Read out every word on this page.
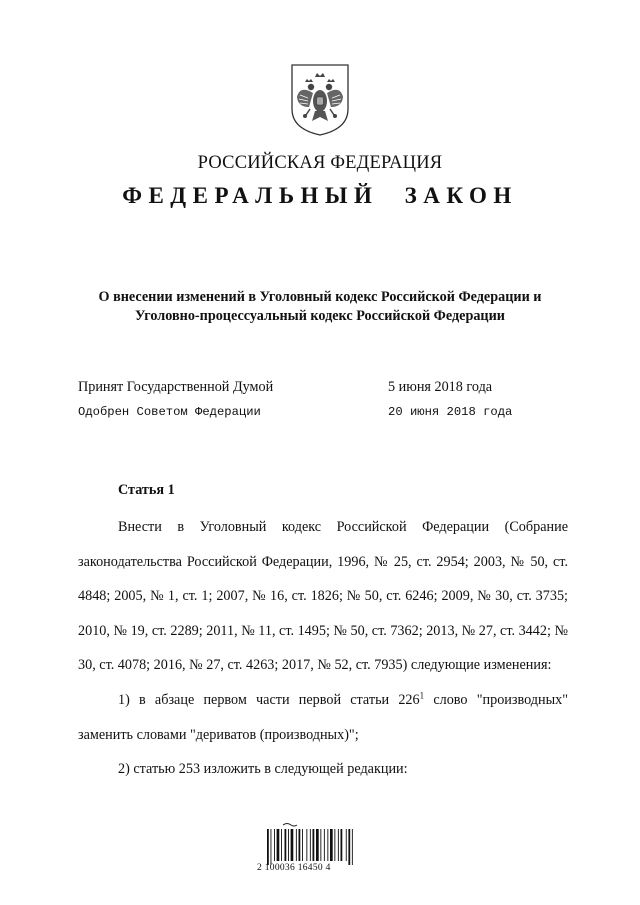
РОССИЙСКАЯ ФЕДЕРАЦИЯ
ФЕДЕРАЛЬНЫЙ ЗАКОН
О внесении изменений в Уголовный кодекс Российской Федерации и
Уголовно-процессуальный кодекс Российской Федерации
Принят Государственной Думой	5 июня 2018 года
Одобрен Советом Федерации	20 июня 2018 года
Статья 1

Внести в Уголовный кодекс Российской Федерации (Собрание законодательства Российской Федерации, 1996, № 25, ст. 2954; 2003, № 50, ст. 4848; 2005, № 1, ст. 1; 2007, № 16, ст. 1826; № 50, ст. 6246; 2009, № 30, ст. 3735; 2010, № 19, ст. 2289; 2011, № 11, ст. 1495; № 50, ст. 7362; 2013, № 27, ст. 3442; № 30, ст. 4078; 2016, № 27, ст. 4263; 2017, № 52, ст. 7935) следующие изменения:

1) в абзаце первом части первой статьи $226^1$ слово "производных" заменить словами "дериватов (производных)";

2) статью 253 изложить в следующей редакции:

2 100036 16450 4
